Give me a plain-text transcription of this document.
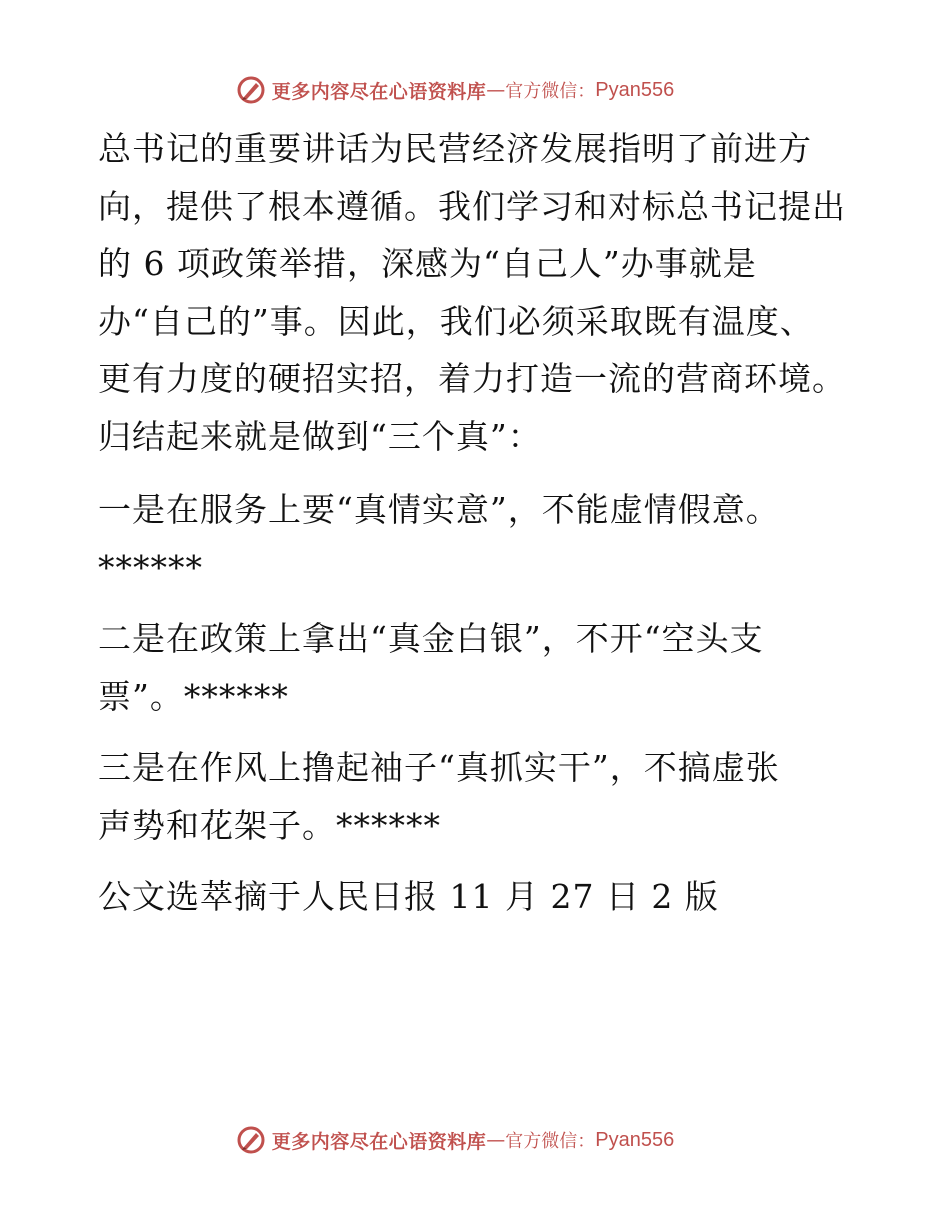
更多内容尽在心语资料库 — 官方微信： Pyan556

总书记的重要讲话为民营经济发展指明了前进方
向，提供了根本遵循。我们学习和对标总书记提出
的 6 项政策举措，深感为“自己人”办事就是
办“自己的”事。因此，我们必须采取既有温度、
更有力度的硬招实招，着力打造一流的营商环境。
归结起来就是做到“三个真”：

一是在服务上要“真情实意”，不能虚情假意。
******

二是在政策上拿出“真金白银”，不开“空头支
票”。******

三是在作风上撸起袖子“真抓实干”，不搞虚张
声势和花架子。******

公文选萃摘于人民日报 11 月 27 日 2 版

更多内容尽在心语资料库 — 官方微信： Pyan556
